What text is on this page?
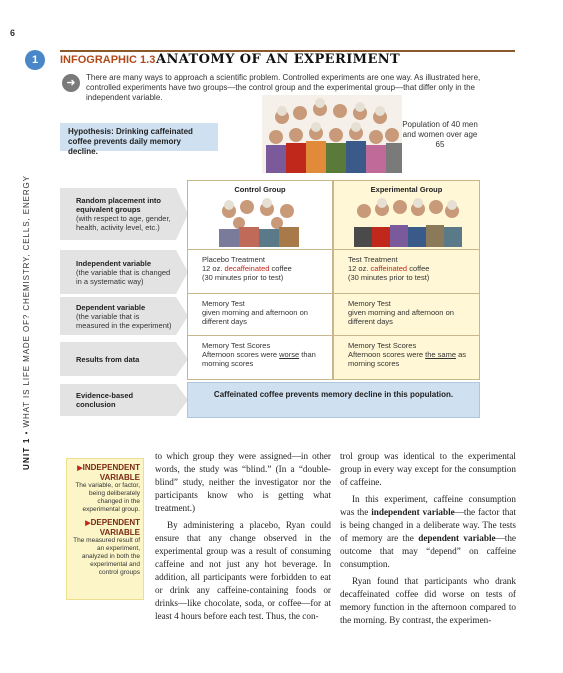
6
1
UNIT 1 • WHAT IS LIFE MADE OF? CHEMISTRY, CELLS, ENERGY
INFOGRAPHIC 1.3 ANATOMY OF AN EXPERIMENT
➜	There are many ways to approach a scientific problem. Controlled experiments are one way. As illustrated here, controlled experiments have two groups—the control group and the experimental group—that differ only in the independent variable.
Hypothesis: Drinking caffeinated coffee prevents daily memory decline.
Population of 40 men and women over age 65
Random placement into equivalent groups
(with respect to age, gender, health, activity level, etc.)
Independent variable
(the variable that is changed in a systematic way)
Dependent variable
(the variable that is measured in the experiment)
Results from data
Evidence-based conclusion
Control Group	Experimental Group
Placebo Treatment
12 oz. decaffeinated coffee
(30 minutes prior to test)
Test Treatment
12 oz. caffeinated coffee
(30 minutes prior to test)
Memory Test
given morning and afternoon on different days
Memory Test
given morning and afternoon on different days
Memory Test Scores
Afternoon scores were worse than morning scores
Memory Test Scores
Afternoon scores were the same as morning scores
Caffeinated coffee prevents memory decline in this population.
▶INDEPENDENT VARIABLE
The variable, or factor, being deliberately changed in the experimental group.
▶DEPENDENT VARIABLE
The measured result of an experiment, analyzed in both the experimental and control groups

to which group they were assigned—in other words, the study was “blind.” (In a “double-blind” study, neither the investigator nor the participants know who is getting what treatment.)

By administering a placebo, Ryan could ensure that any change observed in the experimental group was a result of consuming caffeine and not just any hot beverage. In addition, all participants were forbidden to eat or drink any caffeine-containing foods or drinks—like chocolate, soda, or coffee—for at least 4 hours before each test. Thus, the con-

trol group was identical to the experimental group in every way except for the consumption of caffeine.

In this experiment, caffeine consumption was the independent variable—the factor that is being changed in a deliberate way. The tests of memory are the dependent variable—the outcome that may “depend” on caffeine consumption.

Ryan found that participants who drank decaffeinated coffee did worse on tests of memory function in the afternoon compared to the morning. By contrast, the experimen-
